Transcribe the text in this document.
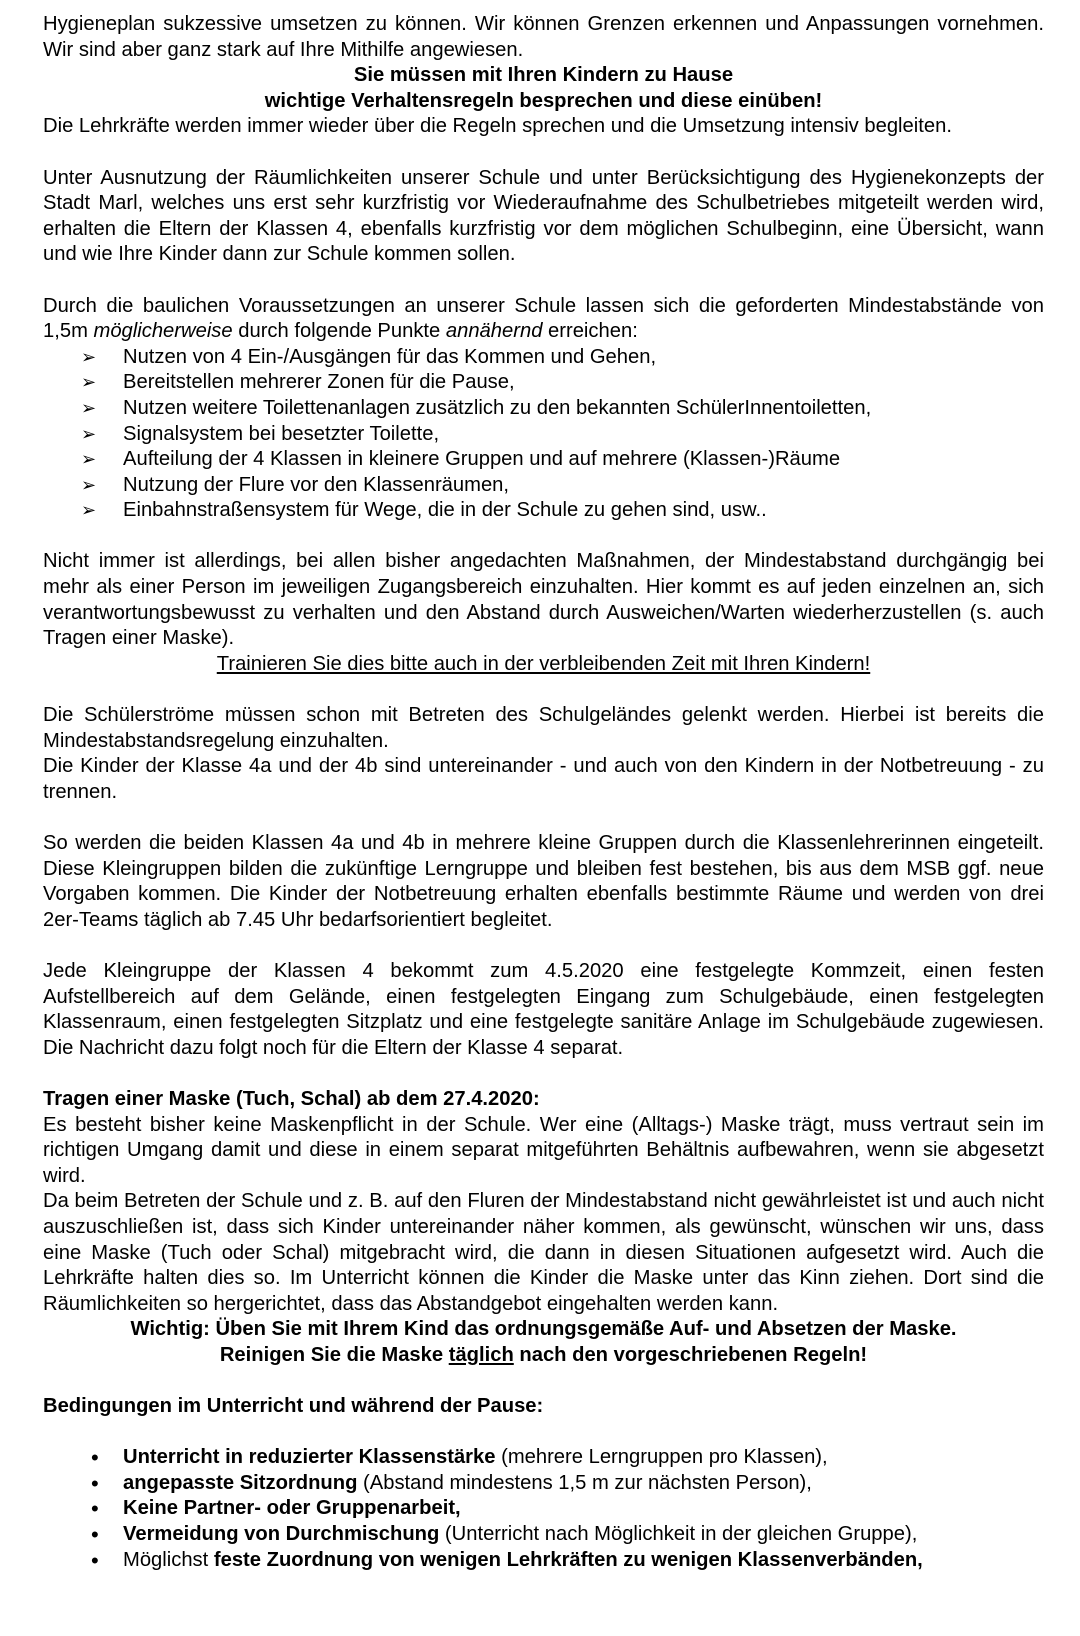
Hygieneplan sukzessive umsetzen zu können. Wir können Grenzen erkennen und Anpassungen vornehmen. Wir sind aber ganz stark auf Ihre Mithilfe angewiesen.

Sie müssen mit Ihren Kindern zu Hause

wichtige Verhaltensregeln besprechen und diese einüben!

Die Lehrkräfte werden immer wieder über die Regeln sprechen und die Umsetzung intensiv begleiten.

Unter Ausnutzung der Räumlichkeiten unserer Schule und unter Berücksichtigung des Hygienekonzepts der Stadt Marl, welches uns erst sehr kurzfristig vor Wiederaufnahme des Schulbetriebes mitgeteilt werden wird, erhalten die Eltern der Klassen 4, ebenfalls kurzfristig vor dem möglichen Schulbeginn, eine Übersicht, wann und wie Ihre Kinder dann zur Schule kommen sollen.

Durch die baulichen Voraussetzungen an unserer Schule lassen sich die geforderten Mindestabstände von 1,5m möglicherweise durch folgende Punkte annähernd erreichen:

➢ Nutzen von 4 Ein-/Ausgängen für das Kommen und Gehen,
➢ Bereitstellen mehrerer Zonen für die Pause,
➢ Nutzen weitere Toilettenanlagen zusätzlich zu den bekannten SchülerInnentoiletten,
➢ Signalsystem bei besetzter Toilette,
➢ Aufteilung der 4 Klassen in kleinere Gruppen und auf mehrere (Klassen-)Räume
➢ Nutzung der Flure vor den Klassenräumen,
➢ Einbahnstraßensystem für Wege, die in der Schule zu gehen sind, usw..

Nicht immer ist allerdings, bei allen bisher angedachten Maßnahmen, der Mindestabstand durchgängig bei mehr als einer Person im jeweiligen Zugangsbereich einzuhalten. Hier kommt es auf jeden einzelnen an, sich verantwortungsbewusst zu verhalten und den Abstand durch Ausweichen/Warten wiederherzustellen (s. auch Tragen einer Maske).

Trainieren Sie dies bitte auch in der verbleibenden Zeit mit Ihren Kindern!

Die Schülerströme müssen schon mit Betreten des Schulgeländes gelenkt werden. Hierbei ist bereits die Mindestabstandsregelung einzuhalten.

Die Kinder der Klasse 4a und der 4b sind untereinander - und auch von den Kindern in der Notbetreuung - zu trennen.

So werden die beiden Klassen 4a und 4b in mehrere kleine Gruppen durch die Klassenlehrerinnen eingeteilt. Diese Kleingruppen bilden die zukünftige Lerngruppe und bleiben fest bestehen, bis aus dem MSB ggf. neue Vorgaben kommen. Die Kinder der Notbetreuung erhalten ebenfalls bestimmte Räume und werden von drei 2er-Teams täglich ab 7.45 Uhr bedarfsorientiert begleitet.

Jede Kleingruppe der Klassen 4 bekommt zum 4.5.2020 eine festgelegte Kommzeit, einen festen Aufstellbereich auf dem Gelände, einen festgelegten Eingang zum Schulgebäude, einen festgelegten Klassenraum, einen festgelegten Sitzplatz und eine festgelegte sanitäre Anlage im Schulgebäude zugewiesen. Die Nachricht dazu folgt noch für die Eltern der Klasse 4 separat.

Tragen einer Maske (Tuch, Schal) ab dem 27.4.2020:

Es besteht bisher keine Maskenpflicht in der Schule. Wer eine (Alltags-) Maske trägt, muss vertraut sein im richtigen Umgang damit und diese in einem separat mitgeführten Behältnis aufbewahren, wenn sie abgesetzt wird.

Da beim Betreten der Schule und z. B. auf den Fluren der Mindestabstand nicht gewährleistet ist und auch nicht auszuschließen ist, dass sich Kinder untereinander näher kommen, als gewünscht, wünschen wir uns, dass eine Maske (Tuch oder Schal) mitgebracht wird, die dann in diesen Situationen aufgesetzt wird. Auch die Lehrkräfte halten dies so. Im Unterricht können die Kinder die Maske unter das Kinn ziehen. Dort sind die Räumlichkeiten so hergerichtet, dass das Abstandgebot eingehalten werden kann.

Wichtig: Üben Sie mit Ihrem Kind das ordnungsgemäße Auf- und Absetzen der Maske.

Reinigen Sie die Maske täglich nach den vorgeschriebenen Regeln!

Bedingungen im Unterricht und während der Pause:

• Unterricht in reduzierter Klassenstärke (mehrere Lerngruppen pro Klassen),
• angepasste Sitzordnung (Abstand mindestens 1,5 m zur nächsten Person),
• Keine Partner- oder Gruppenarbeit,
• Vermeidung von Durchmischung (Unterricht nach Möglichkeit in der gleichen Gruppe),
• Möglichst feste Zuordnung von wenigen Lehrkräften zu wenigen Klassenverbänden,
